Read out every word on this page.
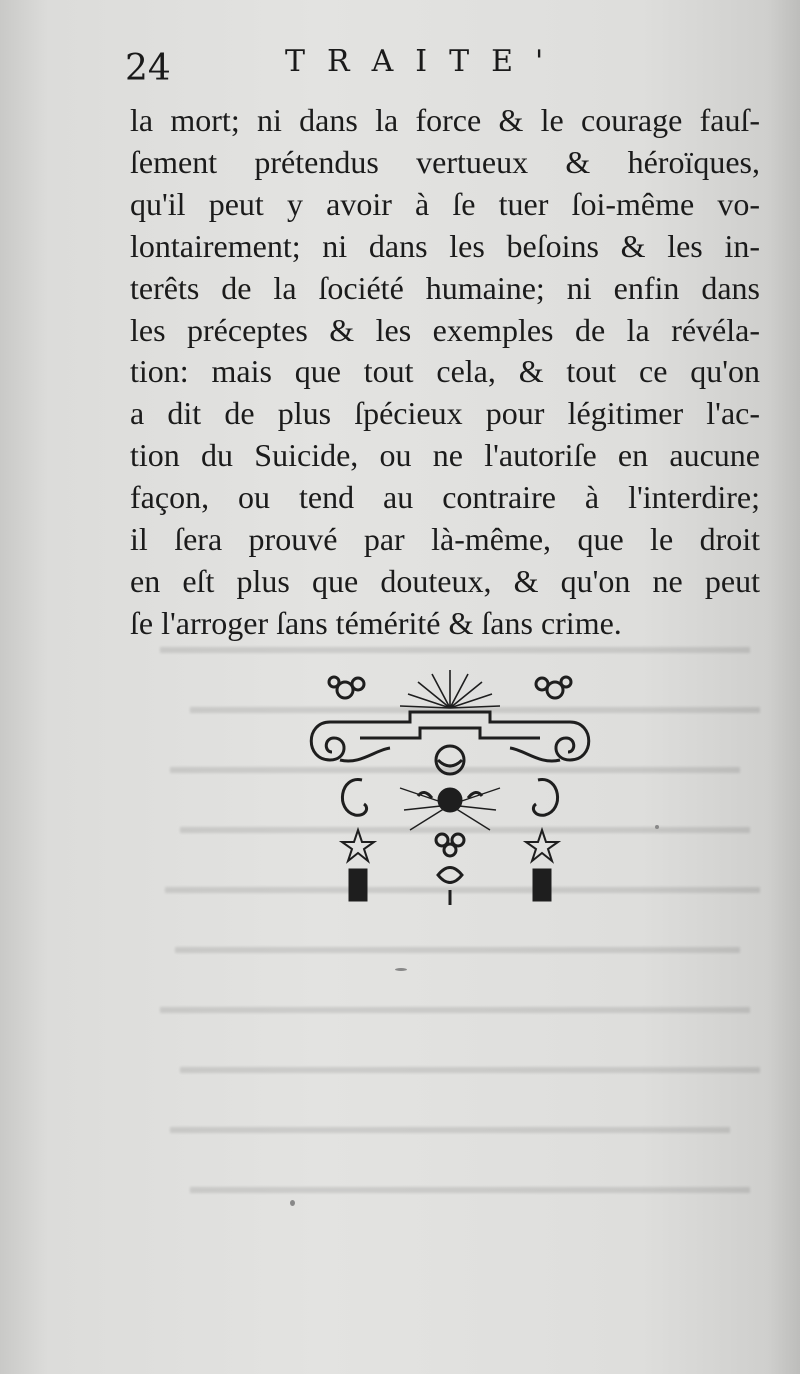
24	TRAITE'
la mort; ni dans la force & le courage fauſ-
ſement prétendus vertueux & héroïques,
qu'il peut y avoir à ſe tuer ſoi-même vo-
lontairement; ni dans les beſoins & les in-
terêts de la ſociété humaine; ni enfin dans
les préceptes & les exemples de la révéla-
tion: mais que tout cela, & tout ce qu'on
a dit de plus ſpécieux pour légitimer l'ac-
tion du Suicide, ou ne l'autoriſe en aucune
façon, ou tend au contraire à l'interdire;
il ſera prouvé par là-même, que le droit
en eſt plus que douteux, & qu'on ne peut
ſe l'arroger ſans témérité & ſans crime.
